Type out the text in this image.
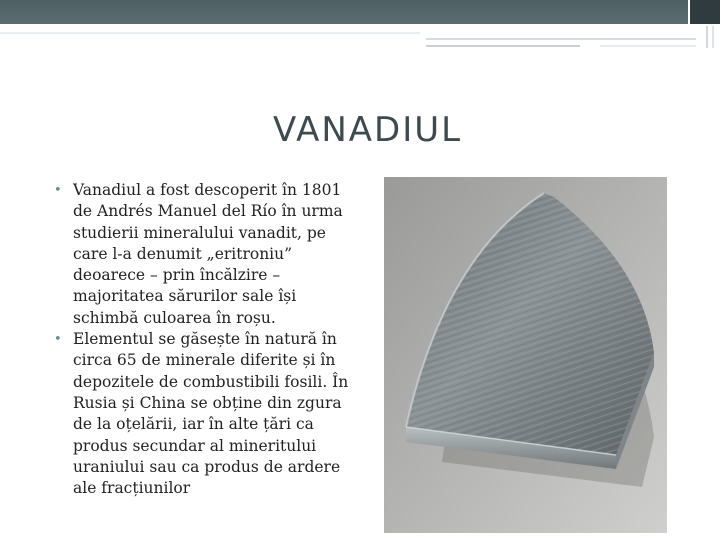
VANADIUL
• Vanadiul a fost descoperit în 1801 de Andrés Manuel del Río în urma studierii mineralului vanadit, pe care l-a denumit „eritroniu” deoarece – prin încălzire – majoritatea sărurilor sale își schimbă culoarea în roșu.
• Elementul se găsește în natură în circa 65 de minerale diferite și în depozitele de combustibili fosili. În Rusia și China se obține din zgura de la oțelării, iar în alte țări ca produs secundar al mineritului uraniului sau ca produs de ardere ale fracțiunilor
